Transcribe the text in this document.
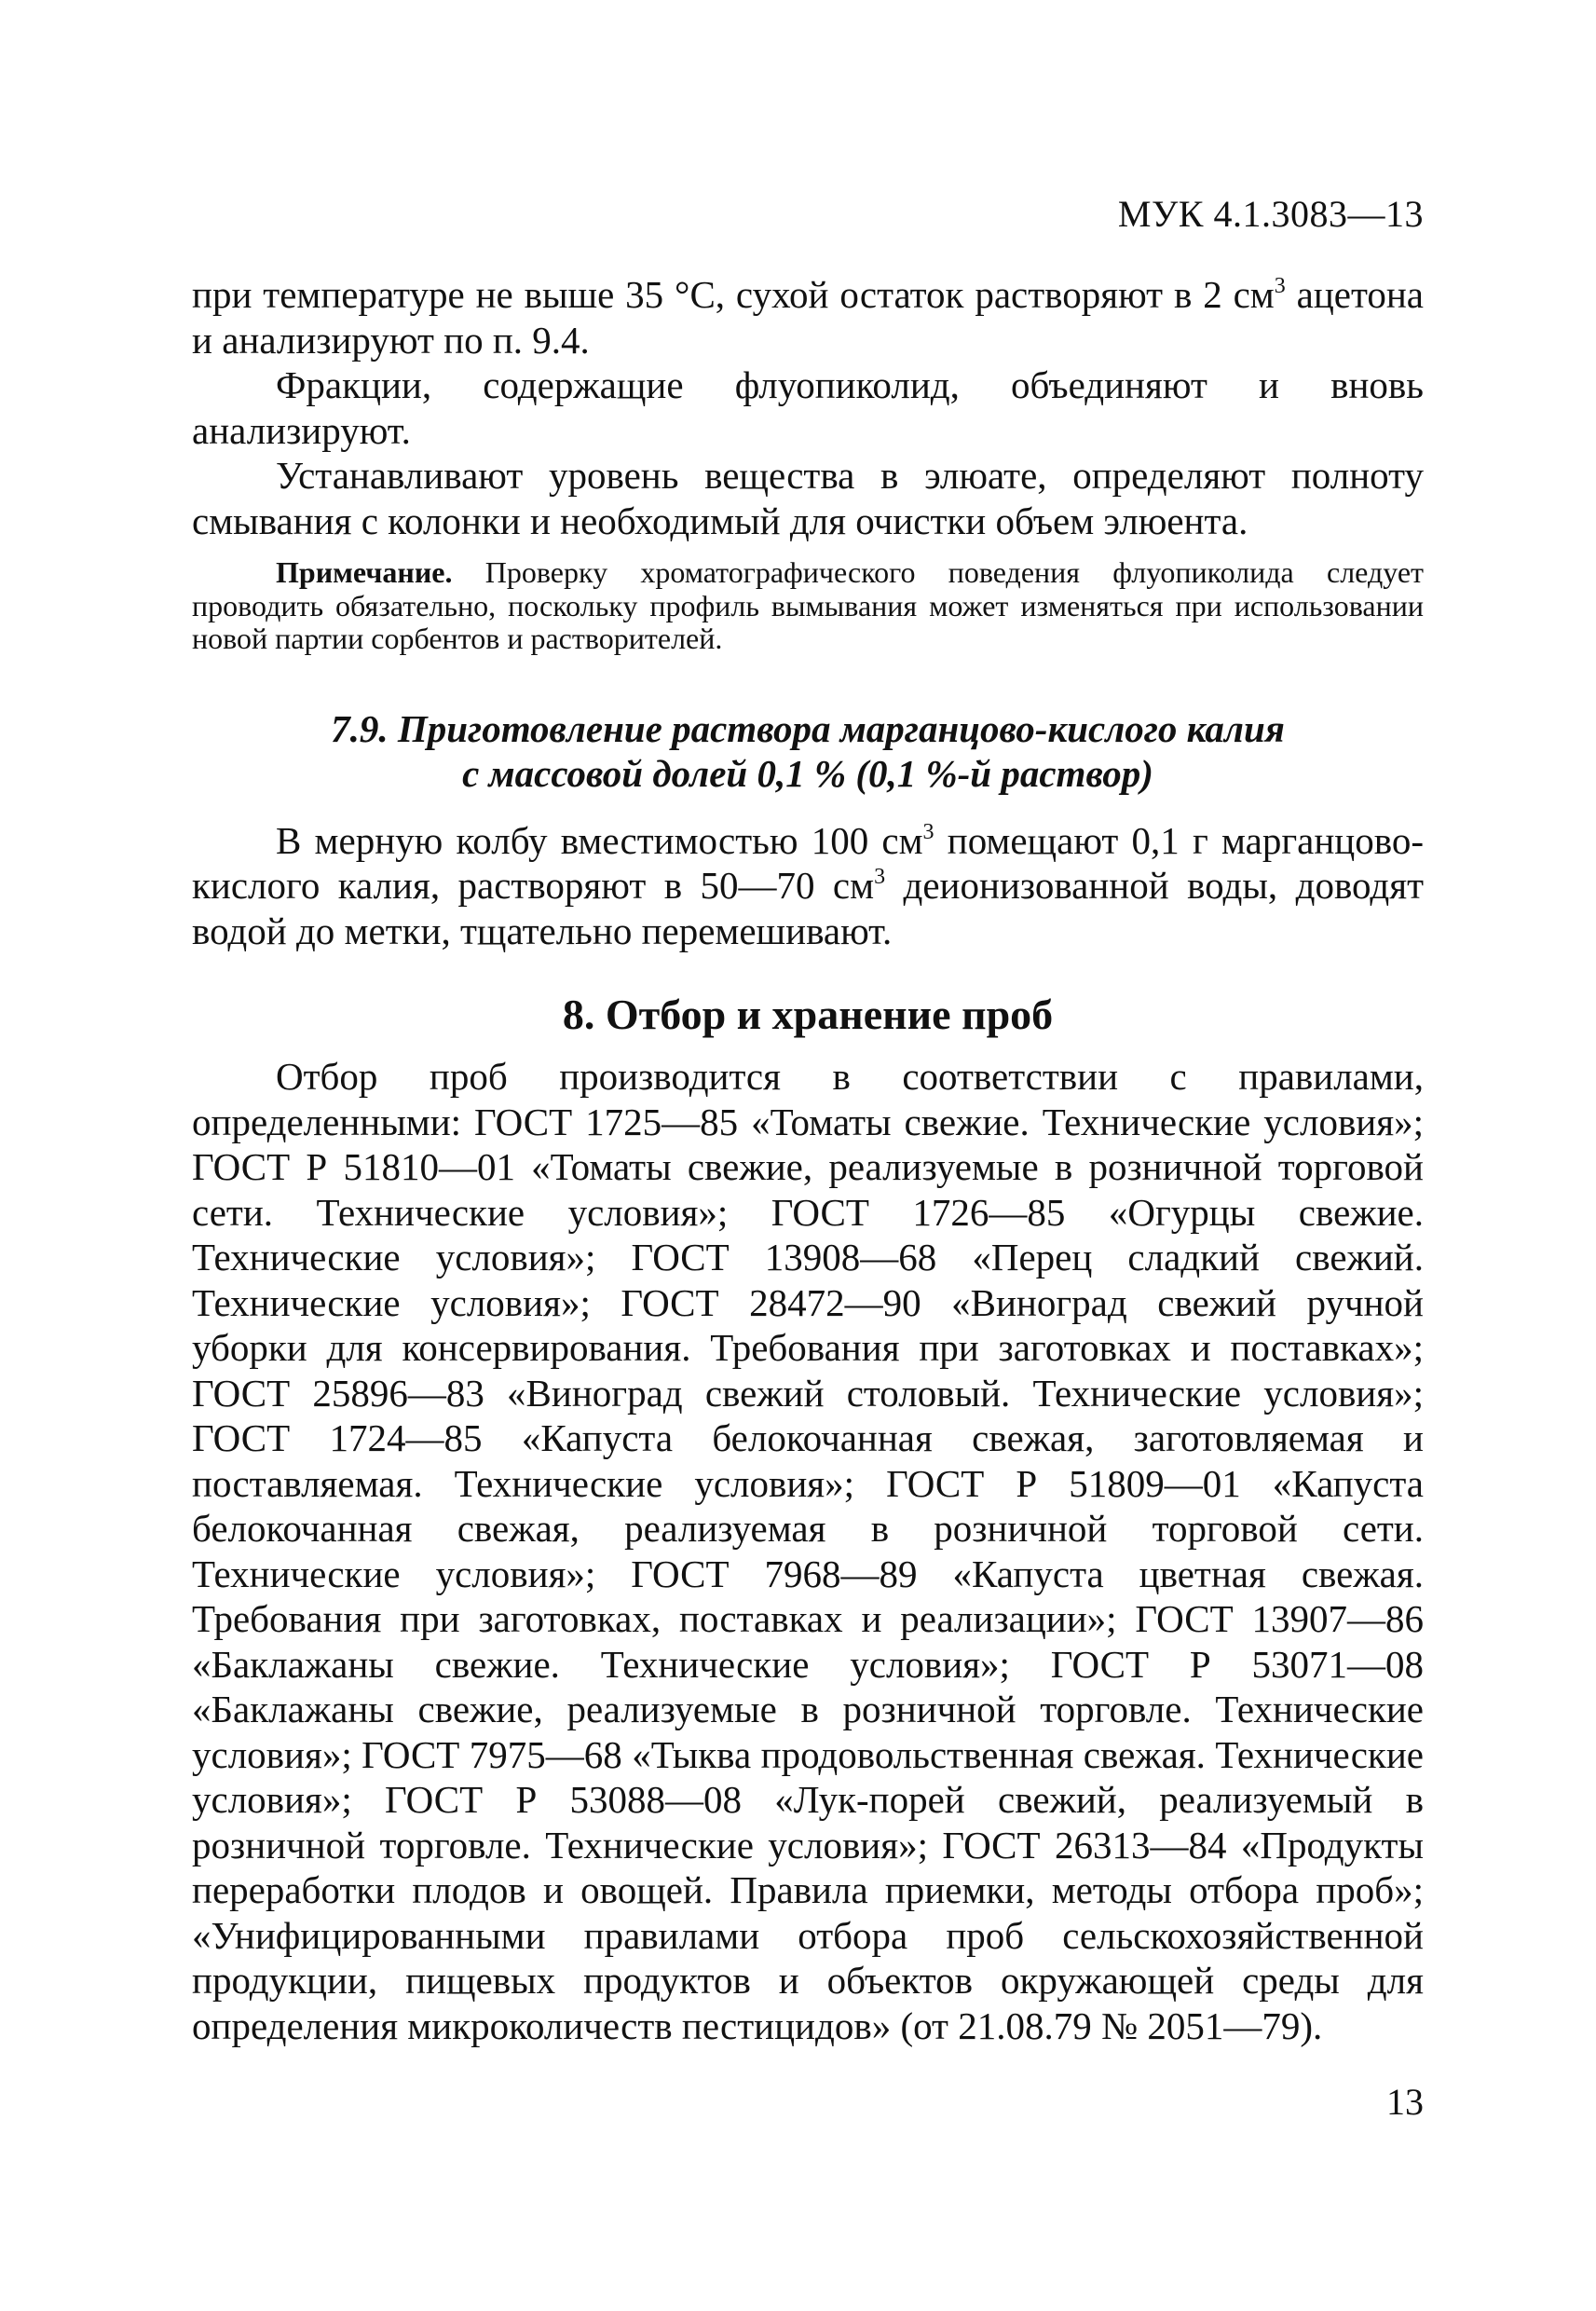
МУК 4.1.3083—13

при температуре не выше 35 °С, сухой остаток растворяют в 2 $см^3$ ацетона и анализируют по п. 9.4.

Фракции, содержащие флуопиколид, объединяют и вновь анализируют.

Устанавливают уровень вещества в элюате, определяют полноту смывания с колонки и необходимый для очистки объем элюента.

Примечание. Проверку хроматографического поведения флуопиколида следует проводить обязательно, поскольку профиль вымывания может изменяться при использовании новой партии сорбентов и растворителей.

7.9. Приготовление раствора марганцово-кислого калия
с массовой долей 0,1 % (0,1 %-й раствор)

В мерную колбу вместимостью 100 $см^3$ помещают 0,1 г марганцово-кислого калия, растворяют в 50—70 $см^3$ деионизованной воды, доводят водой до метки, тщательно перемешивают.

8. Отбор и хранение проб

Отбор проб производится в соответствии с правилами, определенными: ГОСТ 1725—85 «Томаты свежие. Технические условия»; ГОСТ Р 51810—01 «Томаты свежие, реализуемые в розничной торговой сети. Технические условия»; ГОСТ 1726—85 «Огурцы свежие. Технические условия»; ГОСТ 13908—68 «Перец сладкий свежий. Технические условия»; ГОСТ 28472—90 «Виноград свежий ручной уборки для консервирования. Требования при заготовках и поставках»; ГОСТ 25896—83 «Виноград свежий столовый. Технические условия»; ГОСТ 1724—85 «Капуста белокочанная свежая, заготовляемая и поставляемая. Технические условия»; ГОСТ Р 51809—01 «Капуста белокочанная свежая, реализуемая в розничной торговой сети. Технические условия»; ГОСТ 7968—89 «Капуста цветная свежая. Требования при заготовках, поставках и реализации»; ГОСТ 13907—86 «Баклажаны свежие. Технические условия»; ГОСТ Р 53071—08 «Баклажаны свежие, реализуемые в розничной торговле. Технические условия»; ГОСТ 7975—68 «Тыква продовольственная свежая. Технические условия»; ГОСТ Р 53088—08 «Лук-порей свежий, реализуемый в розничной торговле. Технические условия»; ГОСТ 26313—84 «Продукты переработки плодов и овощей. Правила приемки, методы отбора проб»; «Унифицированными правилами отбора проб сельскохозяйственной продукции, пищевых продуктов и объектов окружающей среды для определения микроколичеств пестицидов» (от 21.08.79 № 2051—79).

13
